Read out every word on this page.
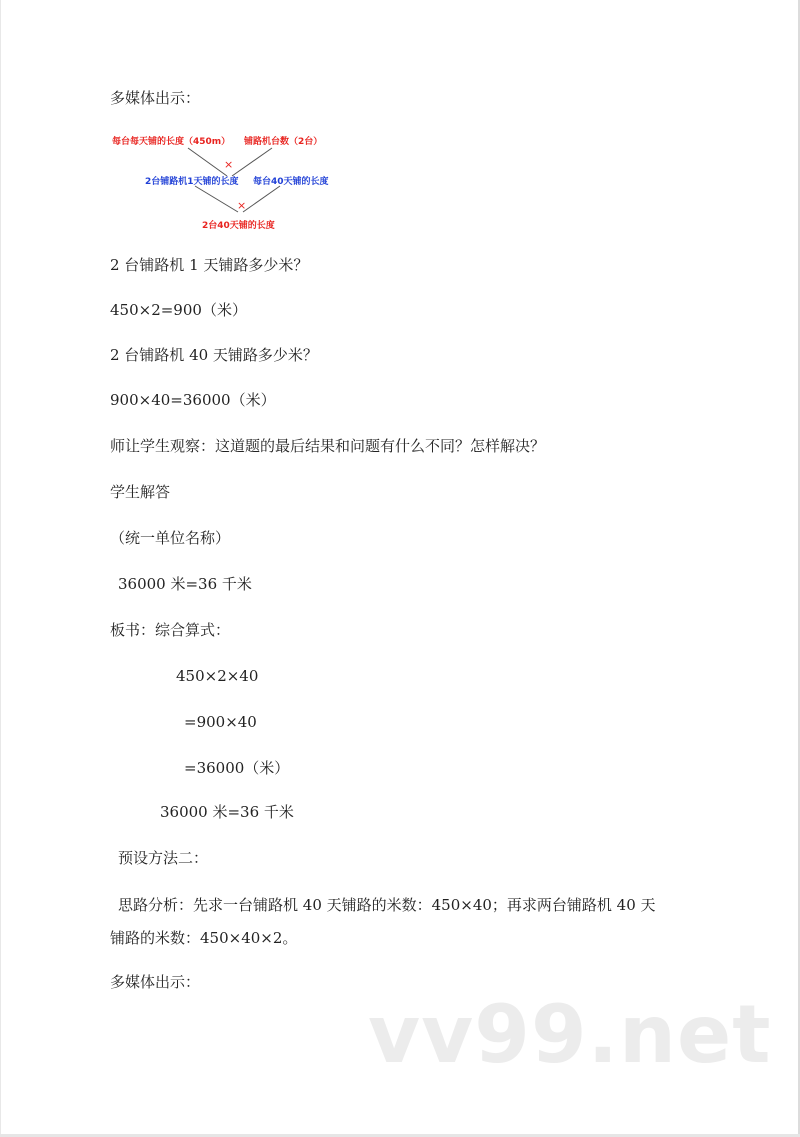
多媒体出示：
每台每天铺的长度（450m） 铺路机台数（2台）
×
2台铺路机1天铺的长度 每台40天铺的长度
×
2台40天铺的长度
2 台铺路机 1 天铺路多少米？
450×2=900（米）
2 台铺路机 40 天铺路多少米？
900×40=36000（米）
师让学生观察：这道题的最后结果和问题有什么不同？怎样解决？
学生解答
（统一单位名称）
36000 米=36 千米
板书：综合算式：
450×2×40
=900×40
=36000（米）
36000 米=36 千米
预设方法二：
思路分析：先求一台铺路机 40 天铺路的米数：450×40；再求两台铺路机 40 天
铺路的米数：450×40×2。
多媒体出示：
vv99.net
